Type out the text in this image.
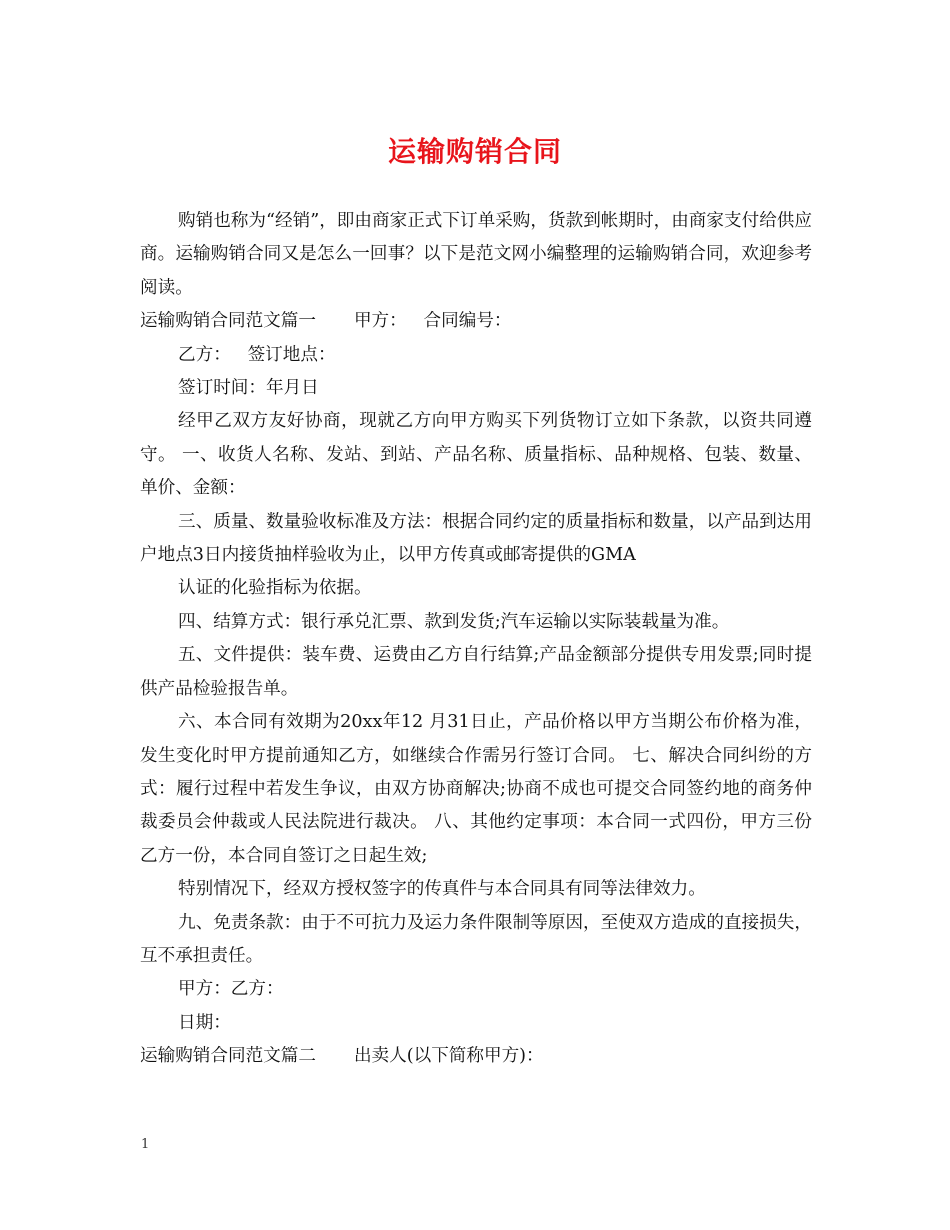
运输购销合同

购销也称为“经销”，即由商家正式下订单采购，货款到帐期时，由商家支付给供应商。运输购销合同又是怎么一回事？以下是范文网小编整理的运输购销合同，欢迎参考阅读。

运输购销合同范文篇一 甲方： 合同编号：

乙方： 签订地点：

签订时间：年月日

经甲乙双方友好协商，现就乙方向甲方购买下列货物订立如下条款，以资共同遵守。 一、收货人名称、发站、到站、产品名称、质量指标、品种规格、包装、数量、单价、金额：

三、质量、数量验收标准及方法：根据合同约定的质量指标和数量，以产品到达用户地点3日内接货抽样验收为止，以甲方传真或邮寄提供的GMA

认证的化验指标为依据。

四、结算方式：银行承兑汇票、款到发货;汽车运输以实际装载量为准。

五、文件提供：装车费、运费由乙方自行结算;产品金额部分提供专用发票;同时提供产品检验报告单。

六、本合同有效期为20xx年12 月31日止，产品价格以甲方当期公布价格为准，发生变化时甲方提前通知乙方，如继续合作需另行签订合同。 七、解决合同纠纷的方式：履行过程中若发生争议，由双方协商解决;协商不成也可提交合同签约地的商务仲裁委员会仲裁或人民法院进行裁决。 八、其他约定事项：本合同一式四份，甲方三份乙方一份，本合同自签订之日起生效;

特别情况下，经双方授权签字的传真件与本合同具有同等法律效力。

九、免责条款：由于不可抗力及运力条件限制等原因，至使双方造成的直接损失，互不承担责任。

甲方：乙方：

日期：

运输购销合同范文篇二 出卖人(以下简称甲方)：

1
